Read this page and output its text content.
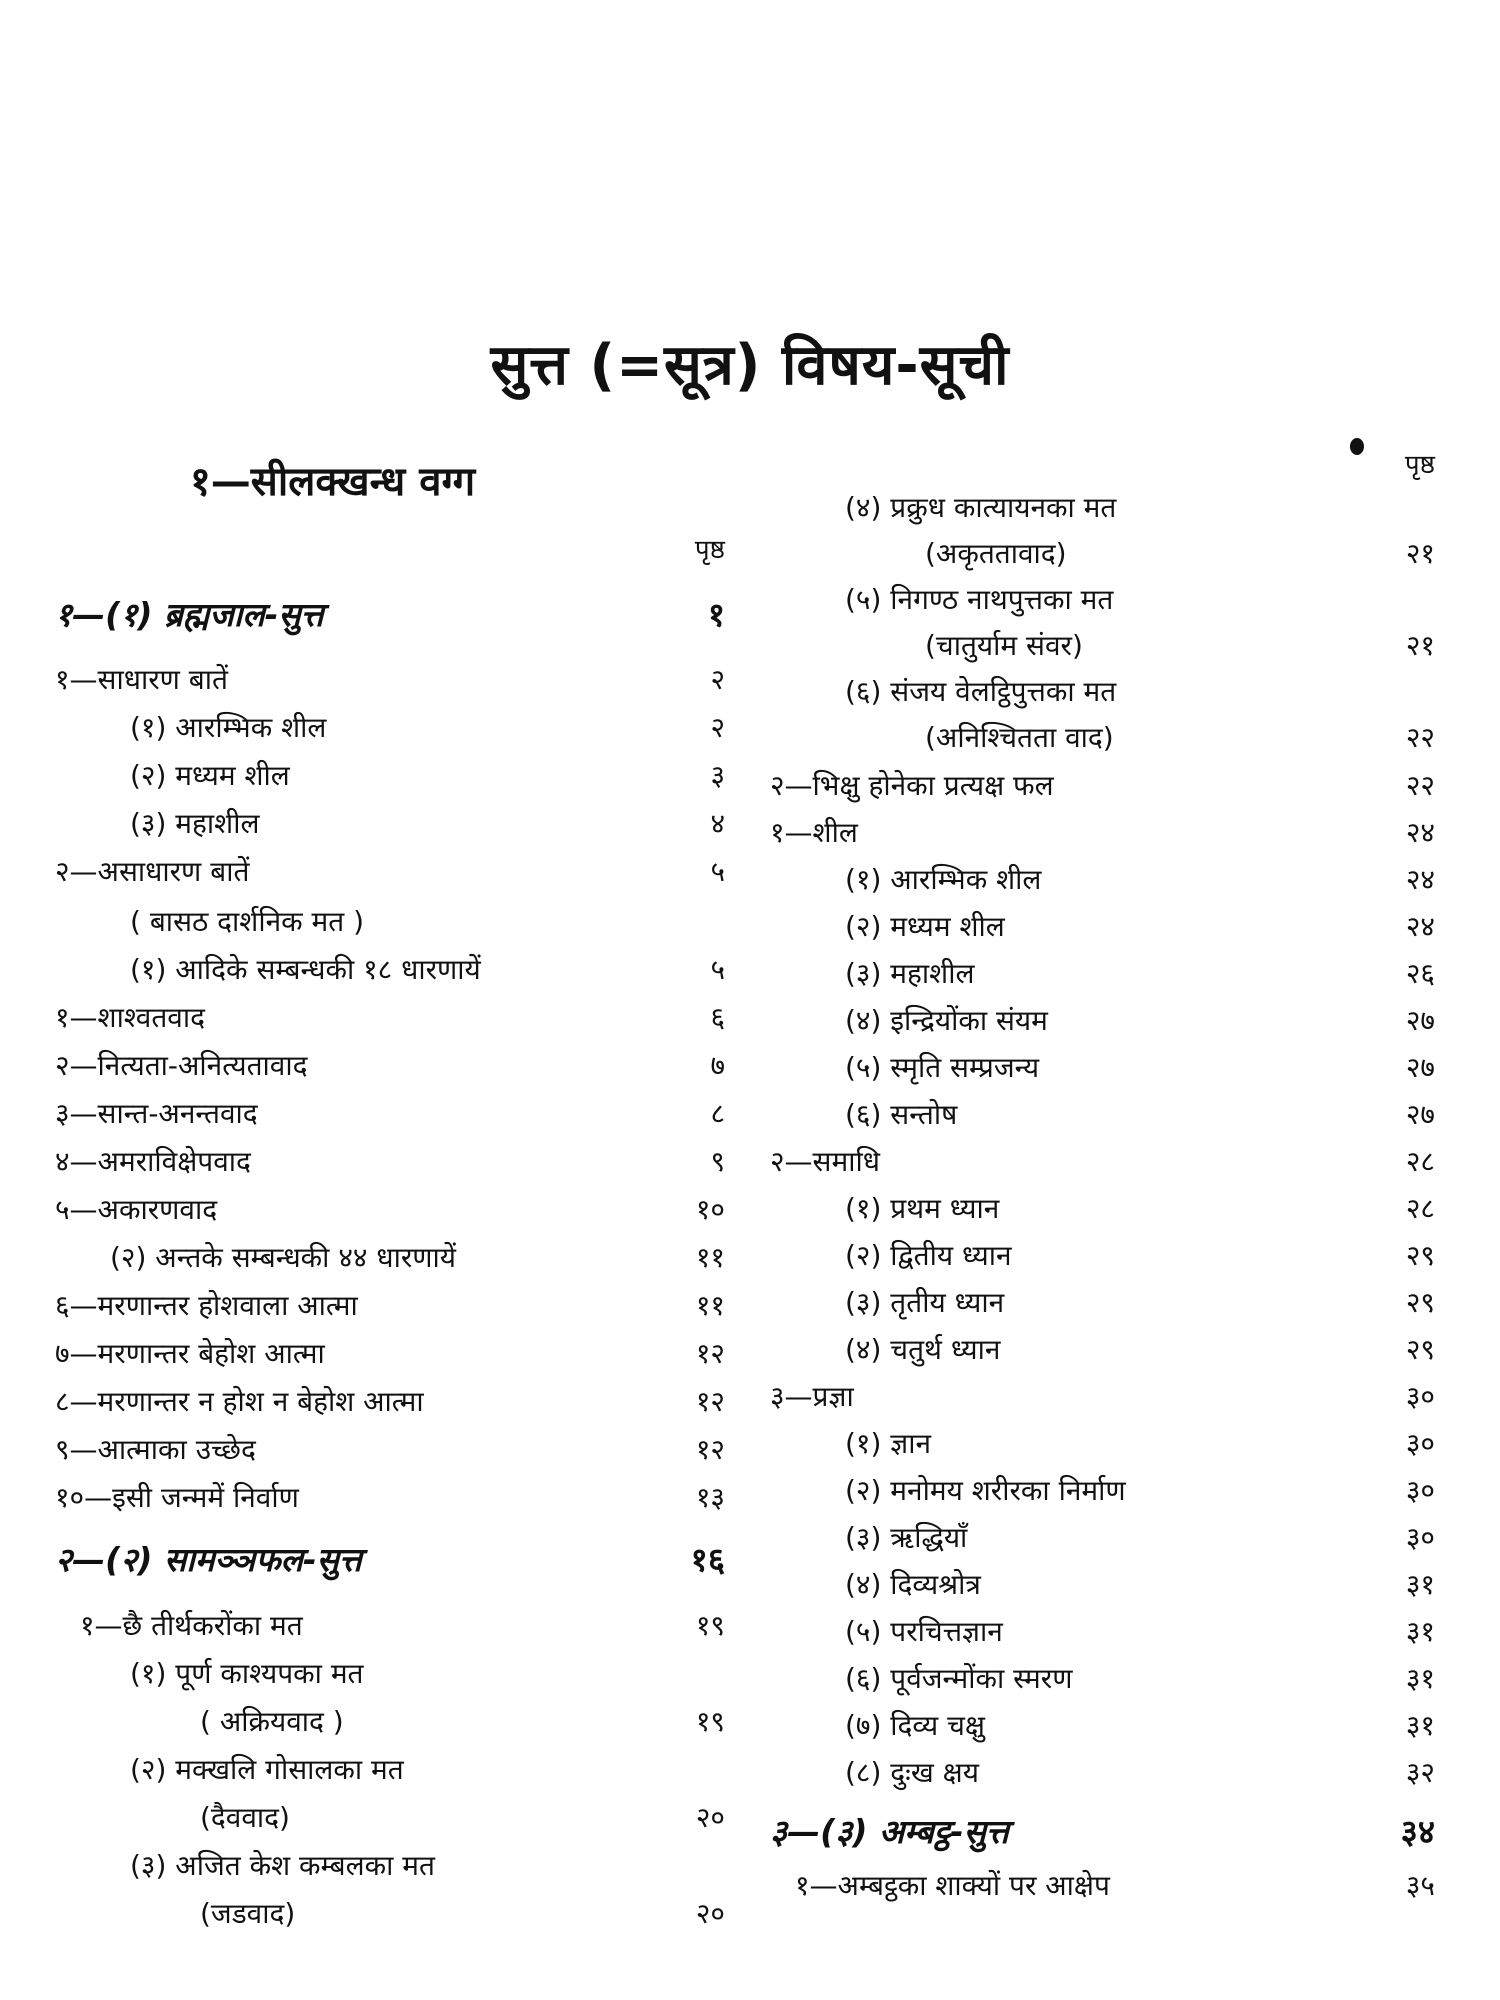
सुत्त (=सूत्र) विषय-सूची
१—सीलक्खन्ध वग्ग
पृष्ठ
१—(१) ब्रह्मजाल-सुत्त	१
१—साधारण बातें	२
(१) आरम्भिक शील	२
(२) मध्यम शील	३
(३) महाशील	४
२—असाधारण बातें	५
( बासठ दार्शनिक मत )
(१) आदिके सम्बन्धकी १८ धारणायें	५
१—शाश्वतवाद	६
२—नित्यता-अनित्यतावाद	७
३—सान्त-अनन्तवाद	८
४—अमराविक्षेपवाद	९
५—अकारणवाद	१०
(२) अन्तके सम्बन्धकी ४४ धारणायें	११
६—मरणान्तर होशवाला आत्मा	११
७—मरणान्तर बेहोश आत्मा	१२
८—मरणान्तर न होश न बेहोश आत्मा	१२
९—आत्माका उच्छेद	१२
१०—इसी जन्ममें निर्वाण	१३
२—(२) सामञ्ञफल-सुत्त	१६
१—छै तीर्थकरोंका मत	१९
(१) पूर्ण काश्यपका मत
( अक्रियवाद )	१९
(२) मक्खलि गोसालका मत
(दैववाद)	२०
(३) अजित केश कम्बलका मत
(जडवाद)	२०
पृष्ठ
(४) प्रक्रुध कात्यायनका मत
(अकृततावाद)	२१
(५) निगण्ठ नाथपुत्तका मत
(चातुर्याम संवर)	२१
(६) संजय वेलट्ठिपुत्तका मत
(अनिश्चितता वाद)	२२
२—भिक्षु होनेका प्रत्यक्ष फल	२२
१—शील	२४
(१) आरम्भिक शील	२४
(२) मध्यम शील	२४
(३) महाशील	२६
(४) इन्द्रियोंका संयम	२७
(५) स्मृति सम्प्रजन्य	२७
(६) सन्तोष	२७
२—समाधि	२८
(१) प्रथम ध्यान	२८
(२) द्वितीय ध्यान	२९
(३) तृतीय ध्यान	२९
(४) चतुर्थ ध्यान	२९
३—प्रज्ञा	३०
(१) ज्ञान	३०
(२) मनोमय शरीरका निर्माण	३०
(३) ऋद्धियाँ	३०
(४) दिव्यश्रोत्र	३१
(५) परचित्तज्ञान	३१
(६) पूर्वजन्मोंका स्मरण	३१
(७) दिव्य चक्षु	३१
(८) दुःख क्षय	३२
३—(३) अम्बट्ठ-सुत्त	३४
१—अम्बट्ठका शाक्यों पर आक्षेप	३५
